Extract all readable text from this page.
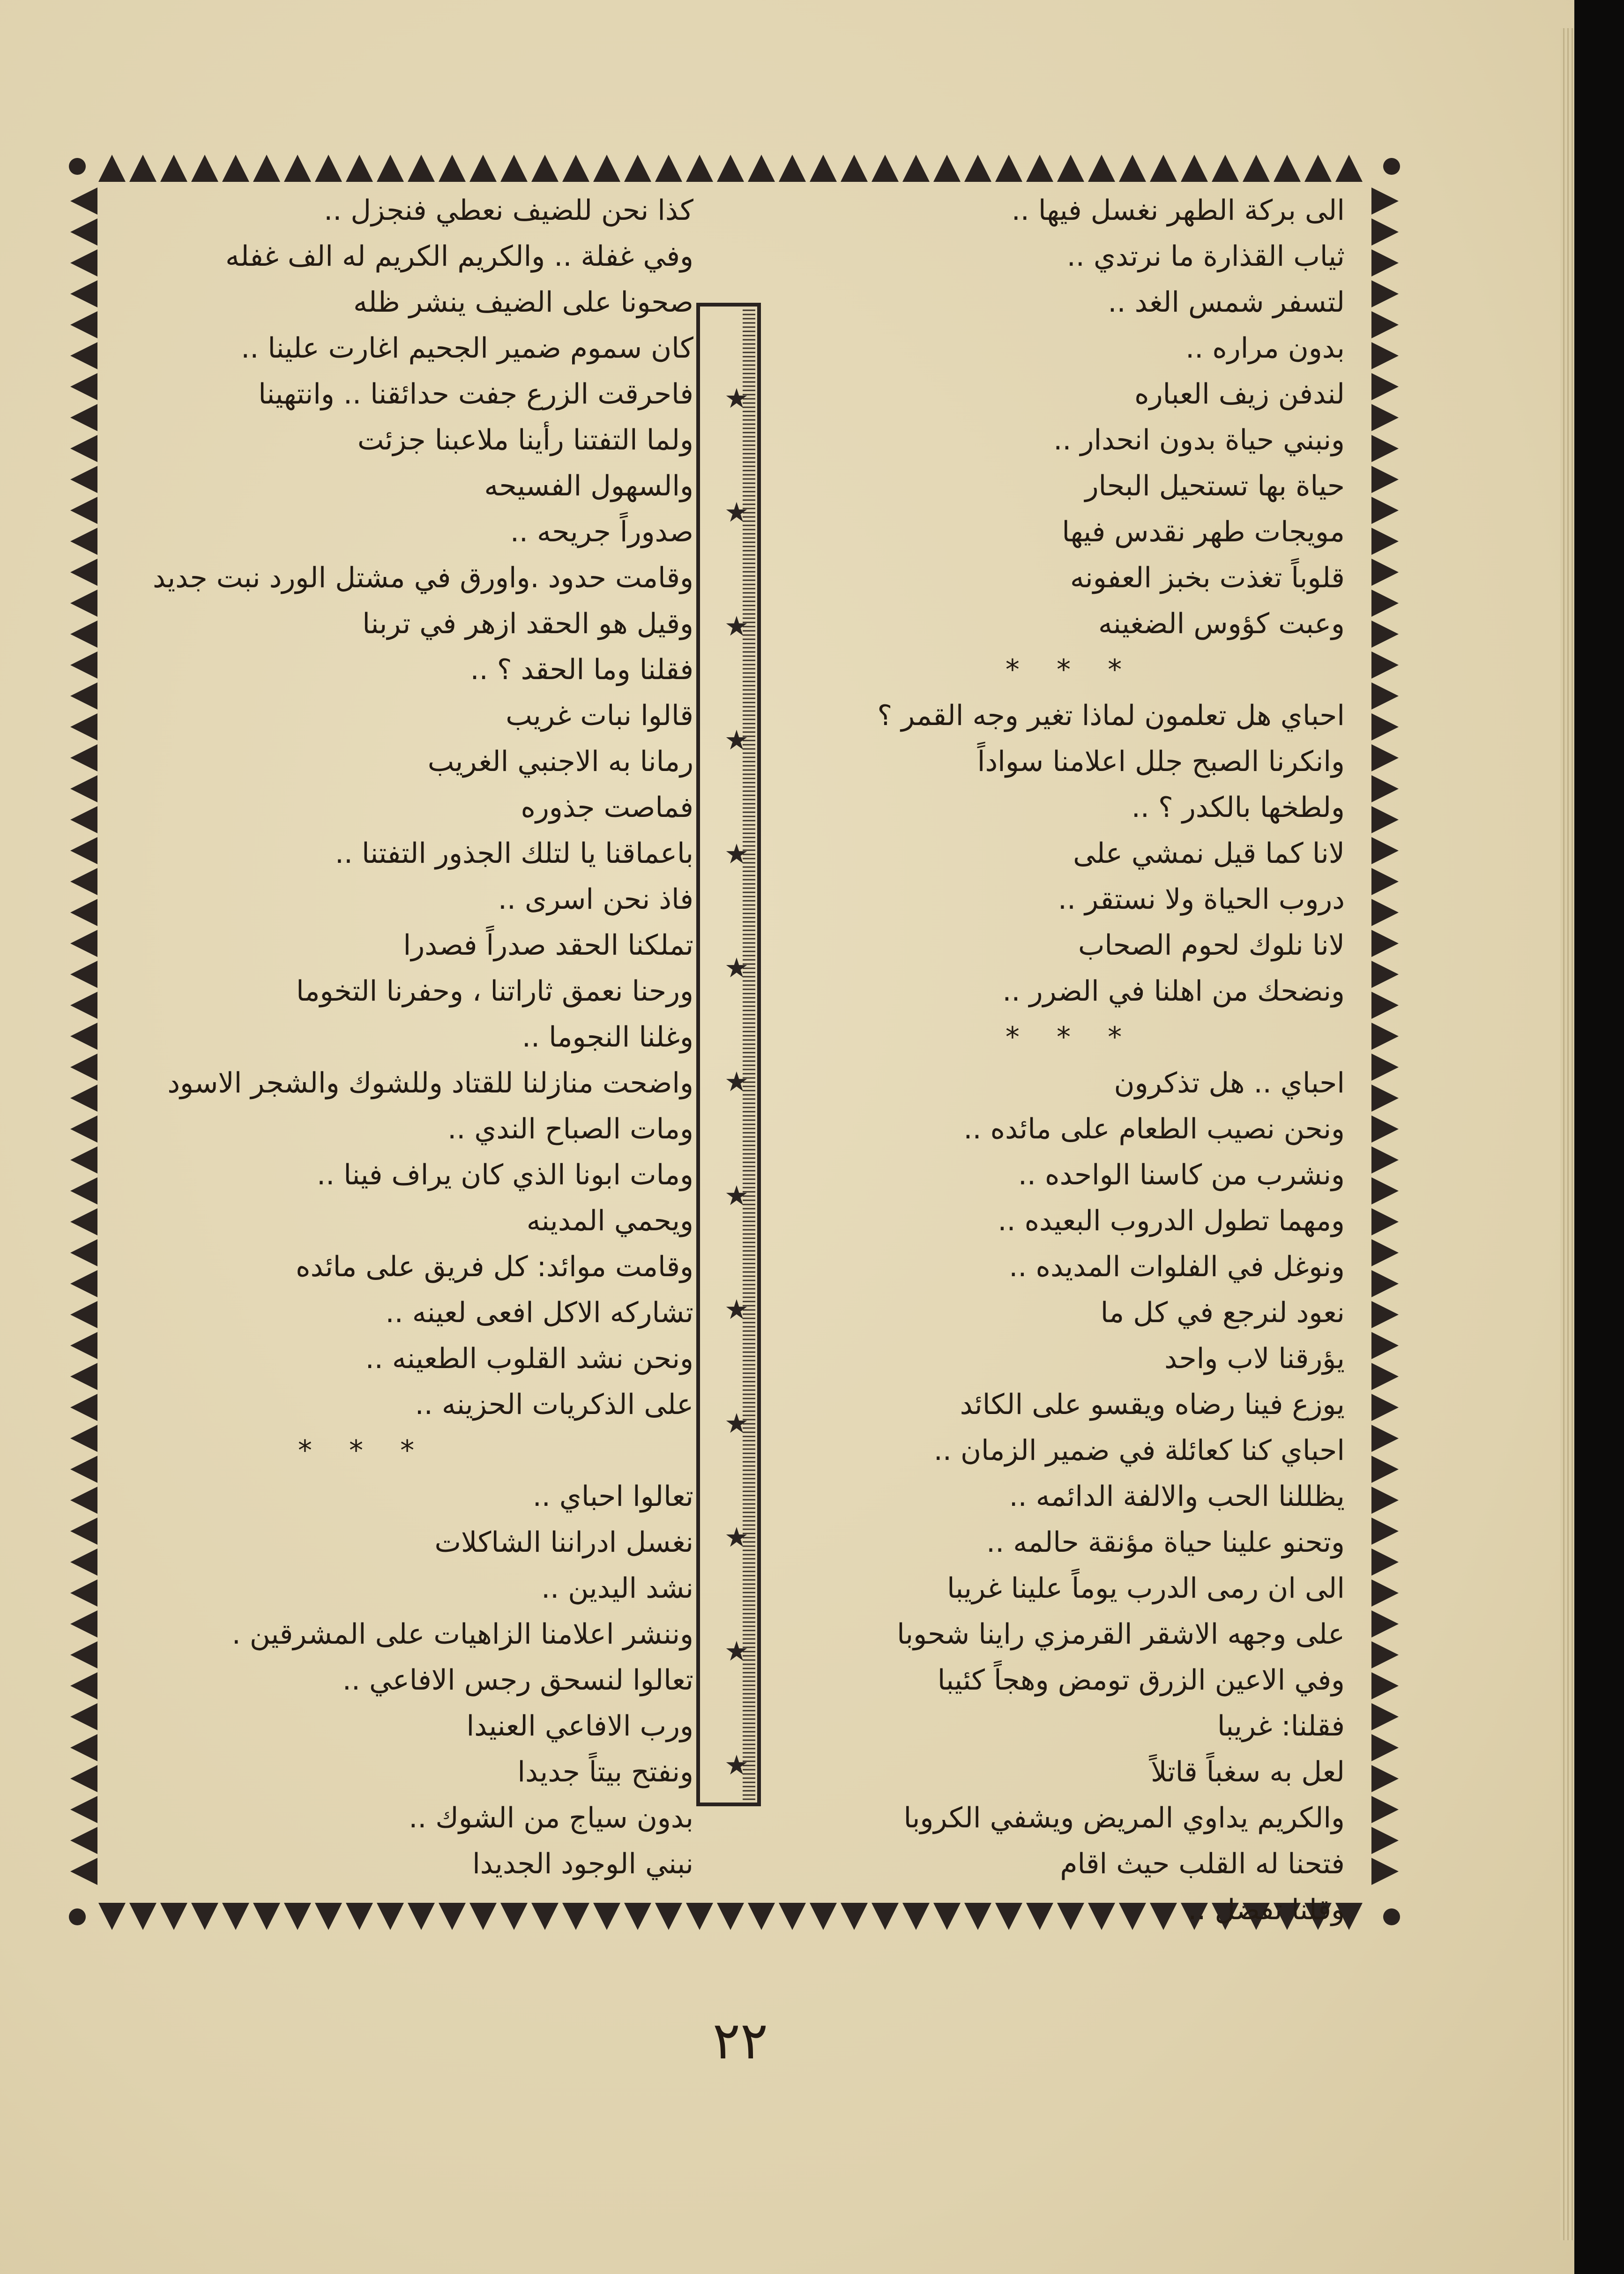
★
★
★
★
★
★
★
★
★
★
★
★
★
الى بركة الطهر نغسل فيها ..
ثياب القذارة ما نرتدي ..
لتسفر شمس الغد ..
بدون مراره ..
لندفن زيف العباره
ونبني حياة بدون انحدار ..
حياة بها تستحيل البحار
مويجات طهر نقدس فيها
قلوباً تغذت بخبز العفونه
وعبت كؤوس الضغينه
* * *
احباي هل تعلمون لماذا تغير وجه القمر ؟
وانكرنا الصبح جلل اعلامنا سواداً
ولطخها بالكدر ؟ ..
لانا كما قيل نمشي على
دروب الحياة ولا نستقر ..
لانا نلوك لحوم الصحاب
ونضحك من اهلنا في الضرر ..
* * *
احباي .. هل تذكرون
ونحن نصيب الطعام على مائده ..
ونشرب من كاسنا الواحده ..
ومهما تطول الدروب البعيده ..
ونوغل في الفلوات المديده ..
نعود لنرجع في كل ما
يؤرقنا لاب واحد
يوزع فينا رضاه ويقسو على الكائد
احباي كنا كعائلة في ضمير الزمان ..
يظللنا الحب والالفة الدائمه ..
وتحنو علينا حياة مؤنقة حالمه ..
الى ان رمى الدرب يوماً علينا غريبا
على وجهه الاشقر القرمزي راينا شحوبا
وفي الاعين الزرق تومض وهجاً كئيبا
فقلنا: غريبا
لعل به سغباً قاتلاً
والكريم يداوي المريض ويشفي الكروبا
فتحنا له القلب حيث اقام
وقلنا تفضل ..
كذا نحن للضيف نعطي فنجزل ..
وفي غفلة .. والكريم الكريم له الف غفله
صحونا على الضيف ينشر ظله
كان سموم ضمير الجحيم اغارت علينا ..
فاحرقت الزرع جفت حدائقنا .. وانتهينا
ولما التفتنا رأينا ملاعبنا جزئت
والسهول الفسيحه
صدوراً جريحه ..
وقامت حدود .واورق في مشتل الورد نبت جديد
وقيل هو الحقد ازهر في تربنا
فقلنا وما الحقد ؟ ..
قالوا نبات غريب
رمانا به الاجنبي الغريب
فماصت جذوره
باعماقنا يا لتلك الجذور التفتنا ..
فاذ نحن اسرى ..
تملكنا الحقد صدراً فصدرا
ورحنا نعمق ثاراتنا ، وحفرنا التخوما
وغلنا النجوما ..
واضحت منازلنا للقتاد وللشوك والشجر الاسود
ومات الصباح الندي ..
ومات ابونا الذي كان يراف فينا ..
ويحمي المدينه
وقامت موائد: كل فريق على مائده
تشاركه الاكل افعى لعينه ..
ونحن نشد القلوب الطعينه ..
على الذكريات الحزينه ..
* * *
تعالوا احباي ..
نغسل ادراننا الشاكلات
نشد اليدين ..
وننشر اعلامنا الزاهيات على المشرقين .
تعالوا لنسحق رجس الافاعي ..
ورب الافاعي العنيدا
ونفتح بيتاً جديدا
بدون سياج من الشوك ..
نبني الوجود الجديدا
٢٢
